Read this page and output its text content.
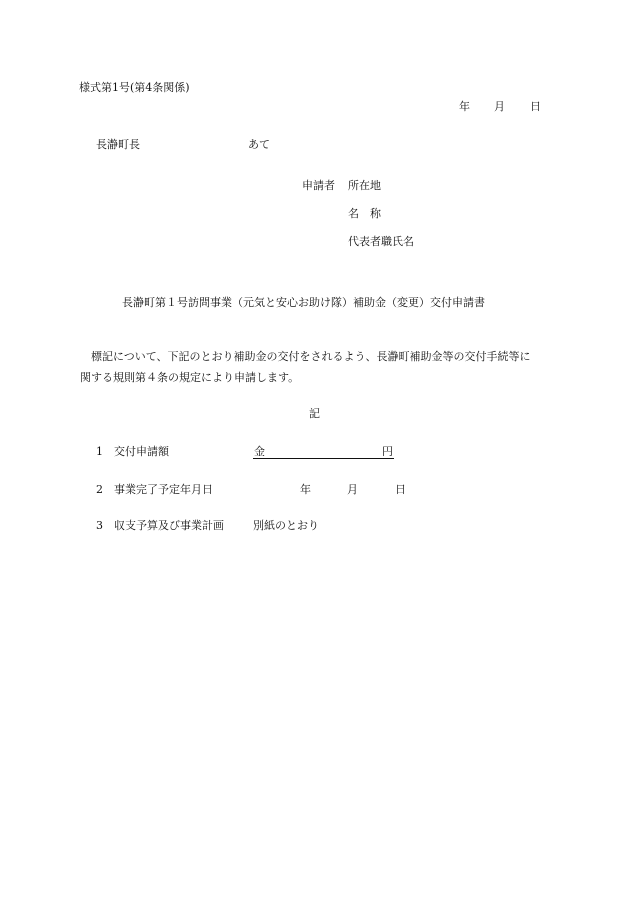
様式第1号(第4条関係)
年 月 日
長瀞町長	あて
申請者 所在地
名　称
代表者職氏名
長瀞町第１号訪問事業（元気と安心お助け隊）補助金（変更）交付申請書
　標記について、下記のとおり補助金の交付をされるよう、長瀞町補助金等の交付手続等に
関する規則第４条の規定により申請します。
記
1 交付申請額	金	円
2 事業完了予定年月日	年	月	日
3 収支予算及び事業計画	別紙のとおり
